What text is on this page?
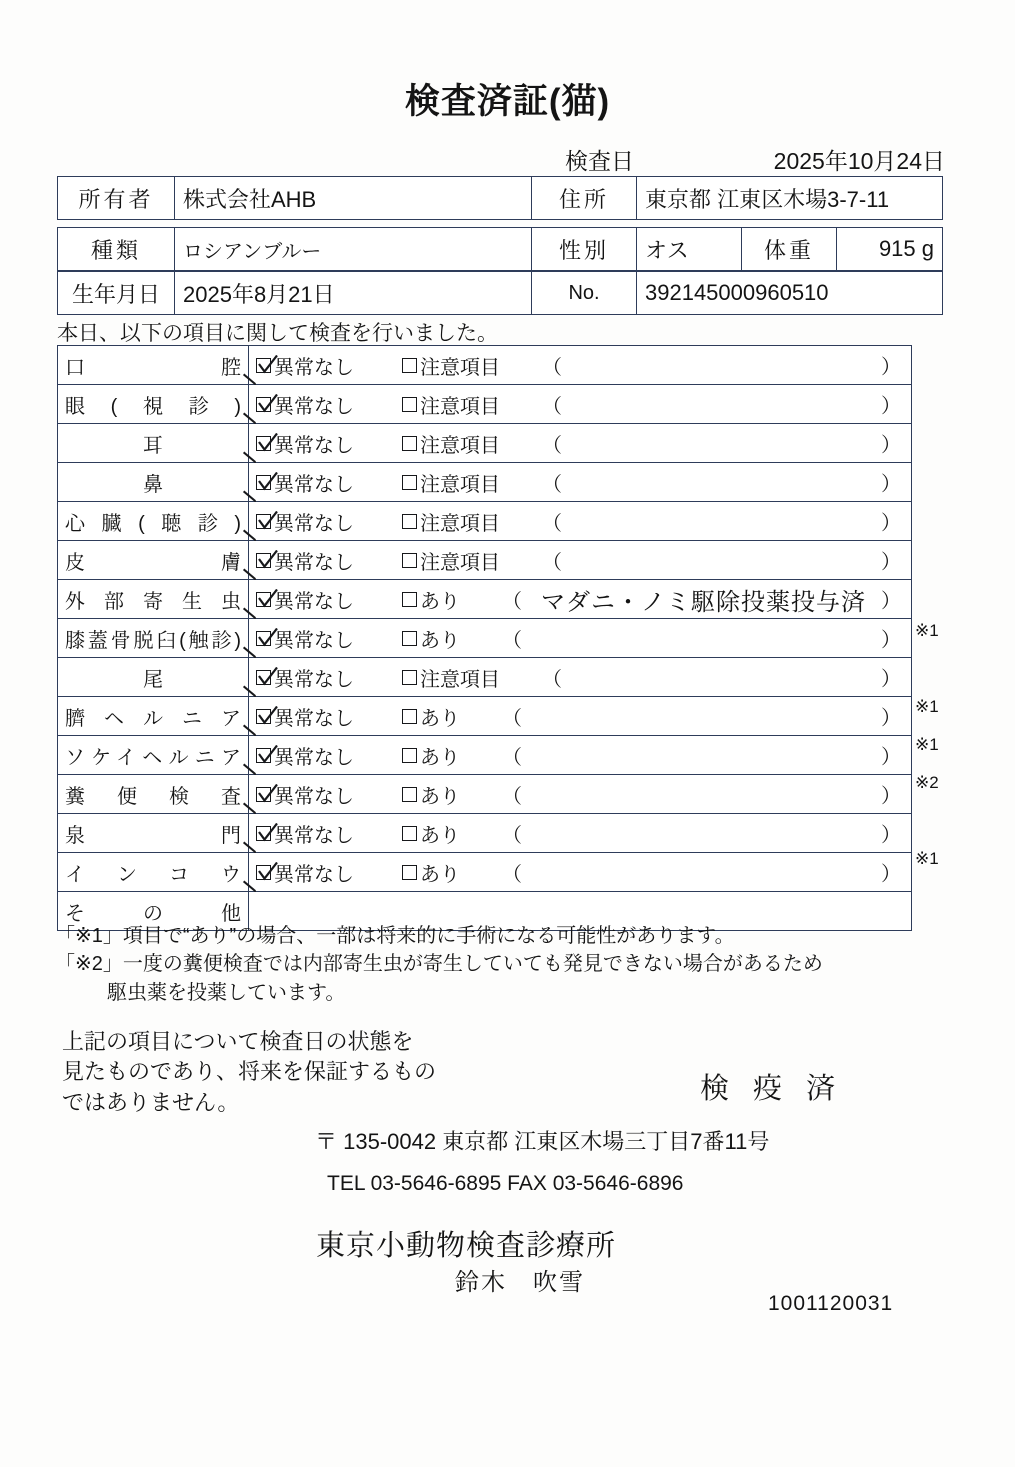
検査済証(猫)
検査日	2025年10月24日
所有者	株式会社AHB	住所	東京都 江東区木場3-7-11
種類	ロシアンブルー	性別	オス	体重	915 g
生年月日	2025年8月21日	No.	392145000960510
本日、以下の項目に関して検査を行いました。
口腔	異常なし 注意項目 （ ）

眼(視診)	異常なし 注意項目 （ ）

耳	異常なし 注意項目 （ ）

鼻	異常なし 注意項目 （ ）

心臓(聴診)	異常なし 注意項目 （ ）

皮膚	異常なし 注意項目 （ ）

外部寄生虫	異常なし あり （ マダニ・ノミ駆除投薬投与済 ）

膝蓋骨脱臼(触診)	異常なし あり （ ）

尾	異常なし 注意項目 （ ）

臍ヘルニア	異常なし あり （ ）

ソケイヘルニア	異常なし あり （ ）

糞便検査	異常なし あり （ ）

泉門	異常なし あり （ ）

インコウ	異常なし あり （ ）

その他	
「※1」項目で“あり”の場合、一部は将来的に手術になる可能性があります。
「※2」一度の糞便検査では内部寄生虫が寄生していても発見できない場合があるため
駆虫薬を投薬しています。
上記の項目について検査日の状態を
見たものであり、将来を保証するもの
ではありません。	検 疫 済
〒 135-0042 東京都 江東区木場三丁目7番11号
TEL 03-5646-6895 FAX 03-5646-6896
東京小動物検査診療所
鈴木　吹雪
1001120031
※1
※1
※1
※2
※1
